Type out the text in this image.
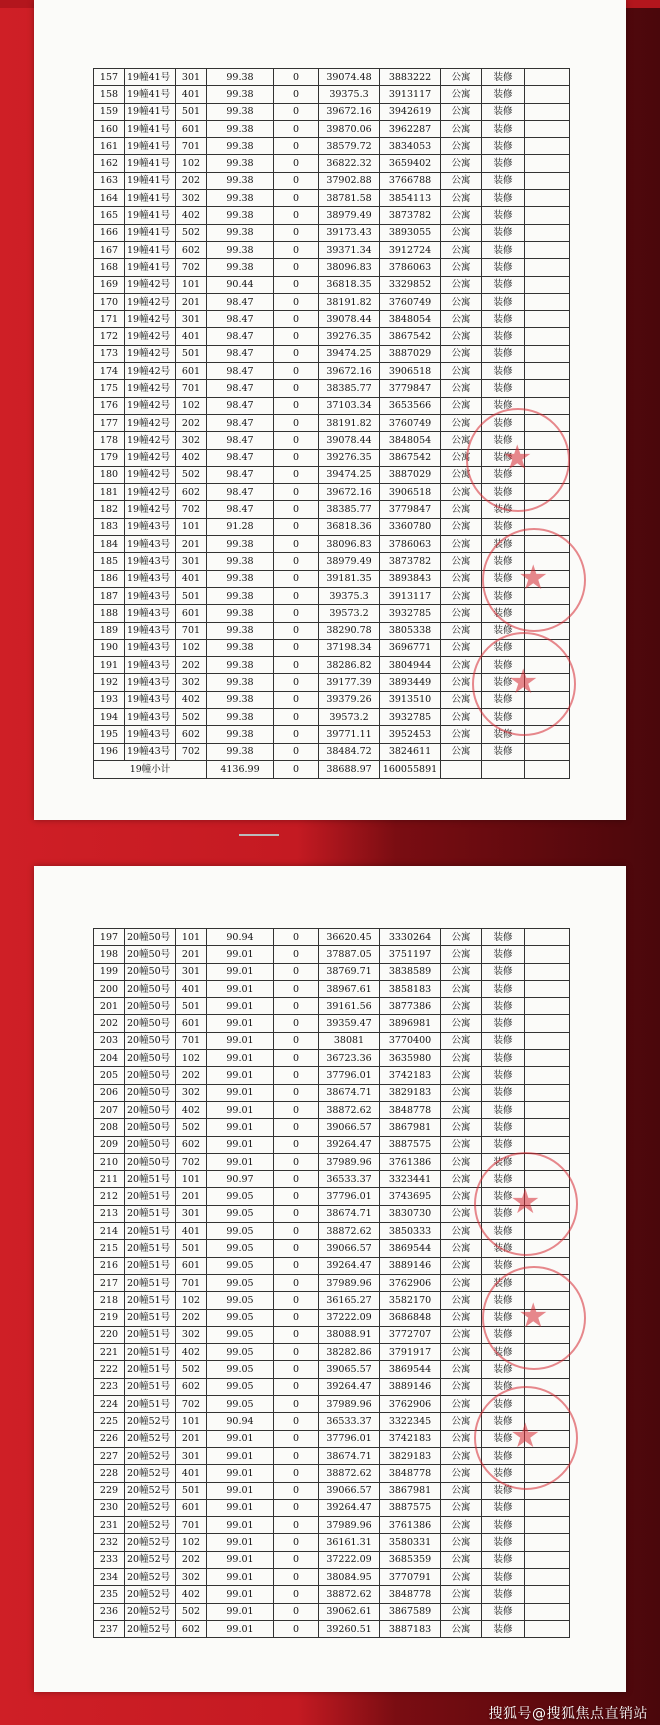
157	19幢41号	301	99.38	0	39074.48	3883222	公寓	装修	
158	19幢41号	401	99.38	0	39375.3	3913117	公寓	装修	
159	19幢41号	501	99.38	0	39672.16	3942619	公寓	装修	
160	19幢41号	601	99.38	0	39870.06	3962287	公寓	装修	
161	19幢41号	701	99.38	0	38579.72	3834053	公寓	装修	
162	19幢41号	102	99.38	0	36822.32	3659402	公寓	装修	
163	19幢41号	202	99.38	0	37902.88	3766788	公寓	装修	
164	19幢41号	302	99.38	0	38781.58	3854113	公寓	装修	
165	19幢41号	402	99.38	0	38979.49	3873782	公寓	装修	
166	19幢41号	502	99.38	0	39173.43	3893055	公寓	装修	
167	19幢41号	602	99.38	0	39371.34	3912724	公寓	装修	
168	19幢41号	702	99.38	0	38096.83	3786063	公寓	装修	
169	19幢42号	101	90.44	0	36818.35	3329852	公寓	装修	
170	19幢42号	201	98.47	0	38191.82	3760749	公寓	装修	
171	19幢42号	301	98.47	0	39078.44	3848054	公寓	装修	
172	19幢42号	401	98.47	0	39276.35	3867542	公寓	装修	
173	19幢42号	501	98.47	0	39474.25	3887029	公寓	装修	
174	19幢42号	601	98.47	0	39672.16	3906518	公寓	装修	
175	19幢42号	701	98.47	0	38385.77	3779847	公寓	装修	
176	19幢42号	102	98.47	0	37103.34	3653566	公寓	装修	
177	19幢42号	202	98.47	0	38191.82	3760749	公寓	装修	
178	19幢42号	302	98.47	0	39078.44	3848054	公寓	装修	
179	19幢42号	402	98.47	0	39276.35	3867542	公寓	装修	
180	19幢42号	502	98.47	0	39474.25	3887029	公寓	装修	
181	19幢42号	602	98.47	0	39672.16	3906518	公寓	装修	
182	19幢42号	702	98.47	0	38385.77	3779847	公寓	装修	
183	19幢43号	101	91.28	0	36818.36	3360780	公寓	装修	
184	19幢43号	201	99.38	0	38096.83	3786063	公寓	装修	
185	19幢43号	301	99.38	0	38979.49	3873782	公寓	装修	
186	19幢43号	401	99.38	0	39181.35	3893843	公寓	装修	
187	19幢43号	501	99.38	0	39375.3	3913117	公寓	装修	
188	19幢43号	601	99.38	0	39573.2	3932785	公寓	装修	
189	19幢43号	701	99.38	0	38290.78	3805338	公寓	装修	
190	19幢43号	102	99.38	0	37198.34	3696771	公寓	装修	
191	19幢43号	202	99.38	0	38286.82	3804944	公寓	装修	
192	19幢43号	302	99.38	0	39177.39	3893449	公寓	装修	
193	19幢43号	402	99.38	0	39379.26	3913510	公寓	装修	
194	19幢43号	502	99.38	0	39573.2	3932785	公寓	装修	
195	19幢43号	602	99.38	0	39771.11	3952453	公寓	装修	
196	19幢43号	702	99.38	0	38484.72	3824611	公寓	装修	
19幢小计			4136.99	0	38688.97	160055891			
★
★
★
197	20幢50号	101	90.94	0	36620.45	3330264	公寓	装修	
198	20幢50号	201	99.01	0	37887.05	3751197	公寓	装修	
199	20幢50号	301	99.01	0	38769.71	3838589	公寓	装修	
200	20幢50号	401	99.01	0	38967.61	3858183	公寓	装修	
201	20幢50号	501	99.01	0	39161.56	3877386	公寓	装修	
202	20幢50号	601	99.01	0	39359.47	3896981	公寓	装修	
203	20幢50号	701	99.01	0	38081	3770400	公寓	装修	
204	20幢50号	102	99.01	0	36723.36	3635980	公寓	装修	
205	20幢50号	202	99.01	0	37796.01	3742183	公寓	装修	
206	20幢50号	302	99.01	0	38674.71	3829183	公寓	装修	
207	20幢50号	402	99.01	0	38872.62	3848778	公寓	装修	
208	20幢50号	502	99.01	0	39066.57	3867981	公寓	装修	
209	20幢50号	602	99.01	0	39264.47	3887575	公寓	装修	
210	20幢50号	702	99.01	0	37989.96	3761386	公寓	装修	
211	20幢51号	101	90.97	0	36533.37	3323441	公寓	装修	
212	20幢51号	201	99.05	0	37796.01	3743695	公寓	装修	
213	20幢51号	301	99.05	0	38674.71	3830730	公寓	装修	
214	20幢51号	401	99.05	0	38872.62	3850333	公寓	装修	
215	20幢51号	501	99.05	0	39066.57	3869544	公寓	装修	
216	20幢51号	601	99.05	0	39264.47	3889146	公寓	装修	
217	20幢51号	701	99.05	0	37989.96	3762906	公寓	装修	
218	20幢51号	102	99.05	0	36165.27	3582170	公寓	装修	
219	20幢51号	202	99.05	0	37222.09	3686848	公寓	装修	
220	20幢51号	302	99.05	0	38088.91	3772707	公寓	装修	
221	20幢51号	402	99.05	0	38282.86	3791917	公寓	装修	
222	20幢51号	502	99.05	0	39065.57	3869544	公寓	装修	
223	20幢51号	602	99.05	0	39264.47	3889146	公寓	装修	
224	20幢51号	702	99.05	0	37989.96	3762906	公寓	装修	
225	20幢52号	101	90.94	0	36533.37	3322345	公寓	装修	
226	20幢52号	201	99.01	0	37796.01	3742183	公寓	装修	
227	20幢52号	301	99.01	0	38674.71	3829183	公寓	装修	
228	20幢52号	401	99.01	0	38872.62	3848778	公寓	装修	
229	20幢52号	501	99.01	0	39066.57	3867981	公寓	装修	
230	20幢52号	601	99.01	0	39264.47	3887575	公寓	装修	
231	20幢52号	701	99.01	0	37989.96	3761386	公寓	装修	
232	20幢52号	102	99.01	0	36161.31	3580331	公寓	装修	
233	20幢52号	202	99.01	0	37222.09	3685359	公寓	装修	
234	20幢52号	302	99.01	0	38084.95	3770791	公寓	装修	
235	20幢52号	402	99.01	0	38872.62	3848778	公寓	装修	
236	20幢52号	502	99.01	0	39062.61	3867589	公寓	装修	
237	20幢52号	602	99.01	0	39260.51	3887183	公寓	装修	
★
★
★
搜狐号@搜狐焦点直销站
